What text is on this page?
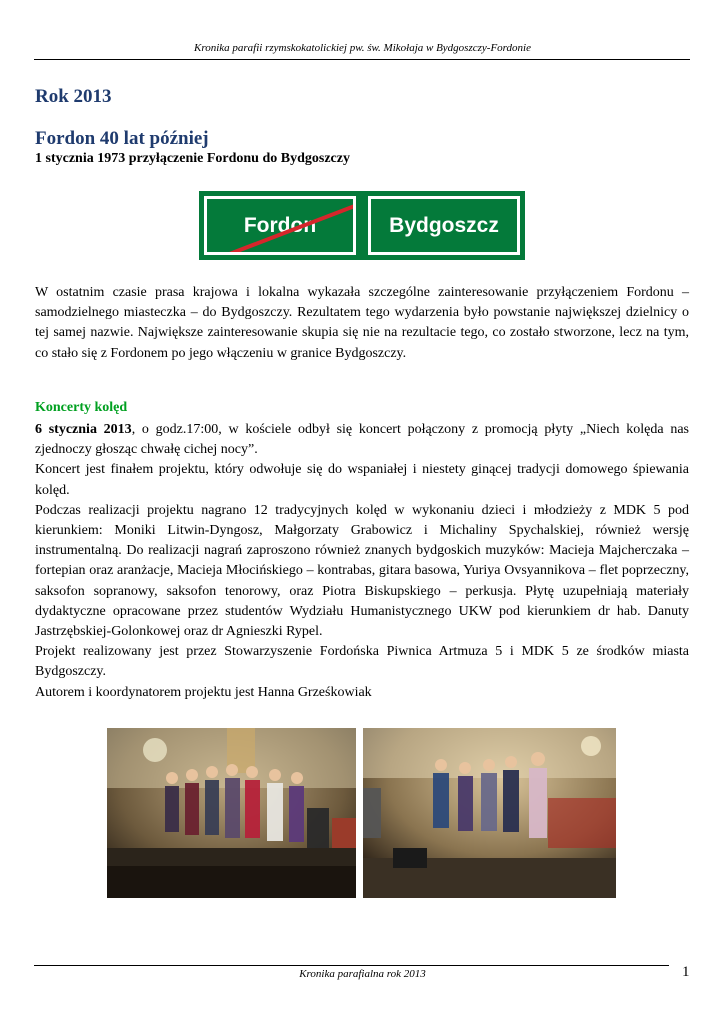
Kronika parafii rzymskokatolickiej pw. św. Mikołaja w Bydgoszczy-Fordonie
Rok 2013
Fordon 40 lat później
1 stycznia 1973 przyłączenie Fordonu do Bydgoszczy
Fordon	Bydgoszcz
W ostatnim czasie prasa krajowa i lokalna wykazała szczególne zainteresowanie przyłączeniem Fordonu – samodzielnego miasteczka – do Bydgoszczy. Rezultatem tego wydarzenia było powstanie największej dzielnicy o tej samej nazwie. Największe zainteresowanie skupia się nie na rezultacie tego, co zostało stworzone, lecz na tym, co stało się z Fordonem po jego włączeniu w granice Bydgoszczy.
Koncerty kolęd
6 stycznia 2013, o godz.17:00, w kościele odbył się koncert połączony z promocją płyty „Niech kolęda nas zjednoczy głosząc chwałę cichej nocy”.
Koncert jest finałem projektu, który odwołuje się do wspaniałej i niestety ginącej tradycji domowego śpiewania kolęd.
Podczas realizacji projektu nagrano 12 tradycyjnych kolęd w wykonaniu dzieci i młodzieży z MDK 5 pod kierunkiem: Moniki Litwin-Dyngosz, Małgorzaty Grabowicz i Michaliny Spychalskiej, również wersję instrumentalną. Do realizacji nagrań zaproszono również znanych bydgoskich muzyków: Macieja Majcherczaka – fortepian oraz aranżacje, Macieja Młocińskiego – kontrabas, gitara basowa, Yuriya Ovsyannikova – flet poprzeczny, saksofon sopranowy, saksofon tenorowy, oraz Piotra Biskupskiego – perkusja. Płytę uzupełniają materiały dydaktyczne opracowane przez studentów Wydziału Humanistycznego UKW pod kierunkiem dr hab. Danuty Jastrzębskiej-Golonkowej oraz dr Agnieszki Rypel.
Projekt realizowany jest przez Stowarzyszenie Fordońska Piwnica Artmuza 5 i MDK 5 ze środków miasta Bydgoszczy.
Autorem i koordynatorem projektu jest Hanna Grześkowiak
Kronika parafialna rok 2013	1
